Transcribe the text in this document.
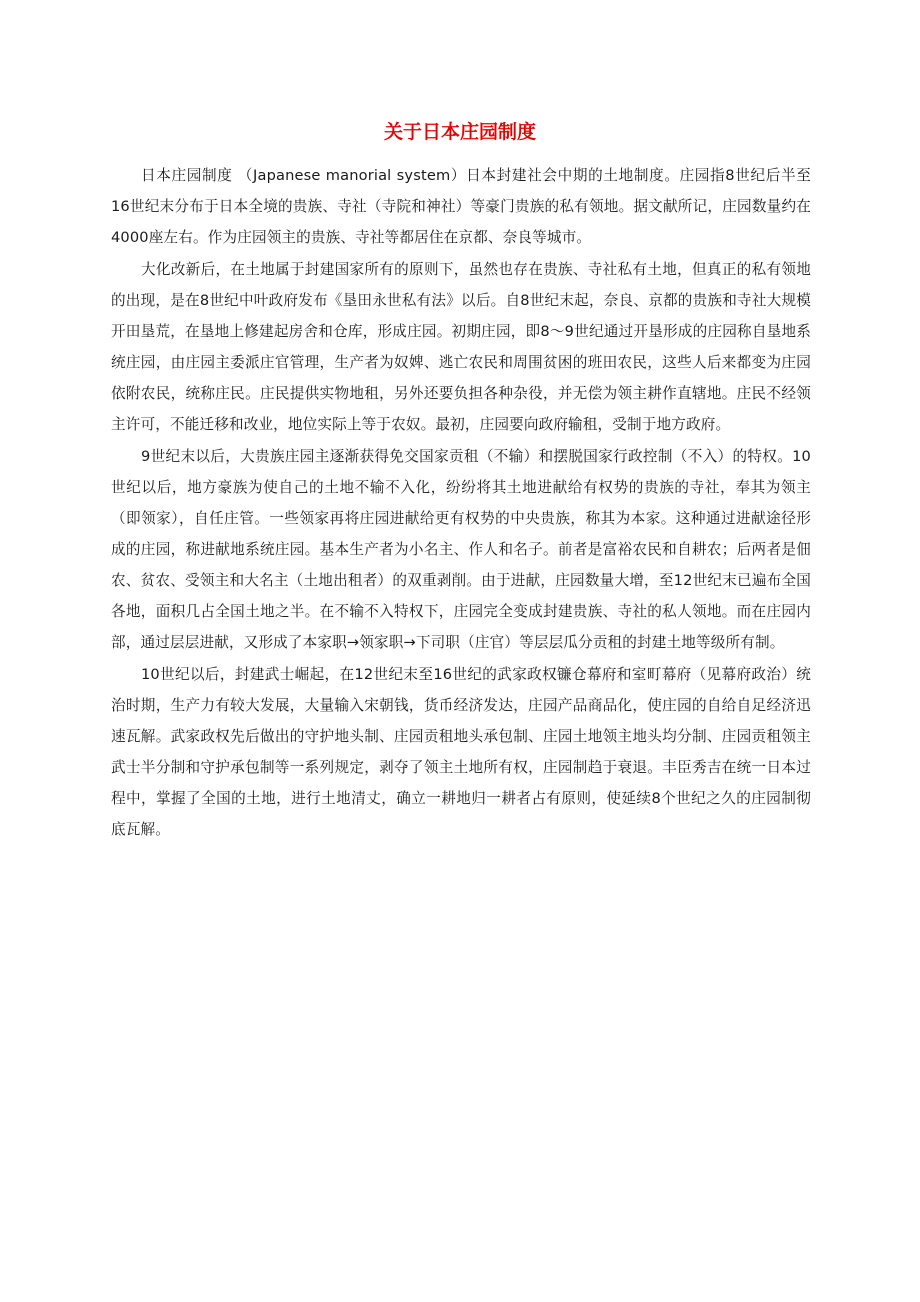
关于日本庄园制度

日本庄园制度 （Japanese manorial system）日本封建社会中期的土地制度。庄园指8世纪后半至16世纪末分布于日本全境的贵族、寺社（寺院和神社）等豪门贵族的私有领地。据文献所记，庄园数量约在4000座左右。作为庄园领主的贵族、寺社等都居住在京都、奈良等城市。

大化改新后，在土地属于封建国家所有的原则下，虽然也存在贵族、寺社私有土地，但真正的私有领地的出现，是在8世纪中叶政府发布《垦田永世私有法》以后。自8世纪末起，奈良、京都的贵族和寺社大规模开田垦荒，在垦地上修建起房舍和仓库，形成庄园。初期庄园，即8～9世纪通过开垦形成的庄园称自垦地系统庄园，由庄园主委派庄官管理，生产者为奴婢、逃亡农民和周围贫困的班田农民，这些人后来都变为庄园依附农民，统称庄民。庄民提供实物地租，另外还要负担各种杂役，并无偿为领主耕作直辖地。庄民不经领主许可，不能迁移和改业，地位实际上等于农奴。最初，庄园要向政府输租，受制于地方政府。

9世纪末以后，大贵族庄园主逐渐获得免交国家贡租（不输）和摆脱国家行政控制（不入）的特权。10世纪以后，地方豪族为使自己的土地不输不入化，纷纷将其土地进献给有权势的贵族的寺社，奉其为领主（即领家），自任庄管。一些领家再将庄园进献给更有权势的中央贵族，称其为本家。这种通过进献途径形成的庄园，称进献地系统庄园。基本生产者为小名主、作人和名子。前者是富裕农民和自耕农；后两者是佃农、贫农、受领主和大名主（土地出租者）的双重剥削。由于进献，庄园数量大增，至12世纪末已遍布全国各地，面积几占全国土地之半。在不输不入特权下，庄园完全变成封建贵族、寺社的私人领地。而在庄园内部，通过层层进献，又形成了本家职→领家职→下司职（庄官）等层层瓜分贡租的封建土地等级所有制。

10世纪以后，封建武士崛起，在12世纪末至16世纪的武家政权镰仓幕府和室町幕府（见幕府政治）统治时期，生产力有较大发展，大量输入宋朝钱，货币经济发达，庄园产品商品化，使庄园的自给自足经济迅速瓦解。武家政权先后做出的守护地头制、庄园贡租地头承包制、庄园土地领主地头均分制、庄园贡租领主武士半分制和守护承包制等一系列规定，剥夺了领主土地所有权，庄园制趋于衰退。丰臣秀吉在统一日本过程中，掌握了全国的土地，进行土地清丈，确立一耕地归一耕者占有原则，使延续8个世纪之久的庄园制彻底瓦解。
